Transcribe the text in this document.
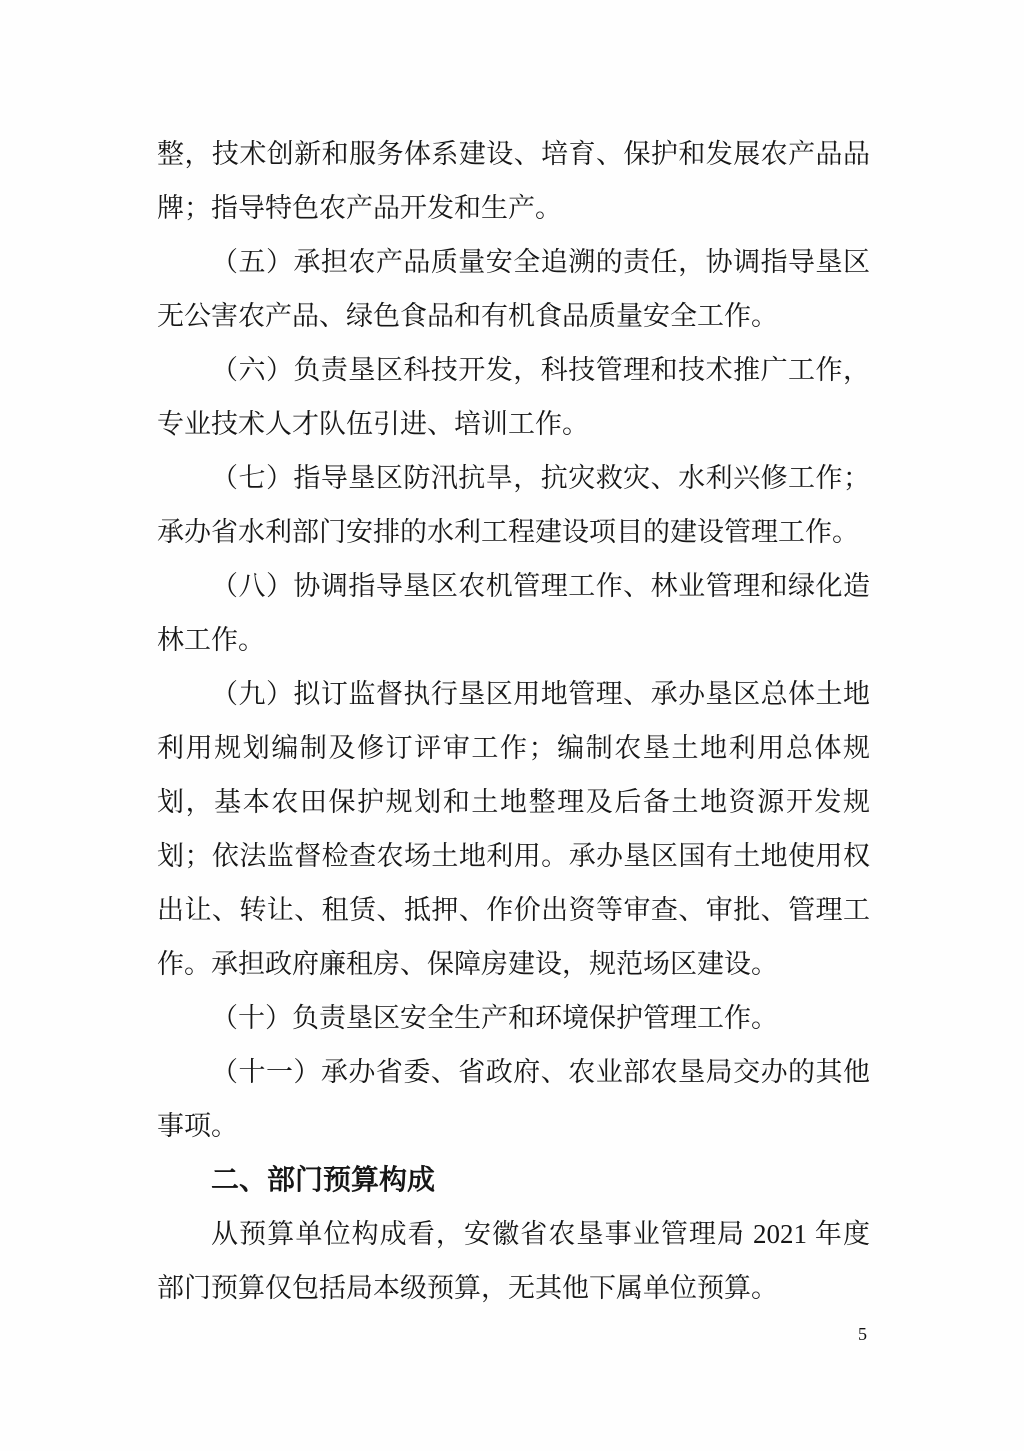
整，技术创新和服务体系建设、培育、保护和发展农产品品牌；指导特色农产品开发和生产。

（五）承担农产品质量安全追溯的责任，协调指导垦区无公害农产品、绿色食品和有机食品质量安全工作。

（六）负责垦区科技开发，科技管理和技术推广工作，专业技术人才队伍引进、培训工作。

（七）指导垦区防汛抗旱，抗灾救灾、水利兴修工作；承办省水利部门安排的水利工程建设项目的建设管理工作。

（八）协调指导垦区农机管理工作、林业管理和绿化造林工作。

（九）拟订监督执行垦区用地管理、承办垦区总体土地利用规划编制及修订评审工作；编制农垦土地利用总体规划，基本农田保护规划和土地整理及后备土地资源开发规划；依法监督检查农场土地利用。承办垦区国有土地使用权出让、转让、租赁、抵押、作价出资等审查、审批、管理工作。承担政府廉租房、保障房建设，规范场区建设。

（十）负责垦区安全生产和环境保护管理工作。

（十一）承办省委、省政府、农业部农垦局交办的其他事项。

二、部门预算构成

从预算单位构成看，安徽省农垦事业管理局 2021 年度部门预算仅包括局本级预算，无其他下属单位预算。

5
